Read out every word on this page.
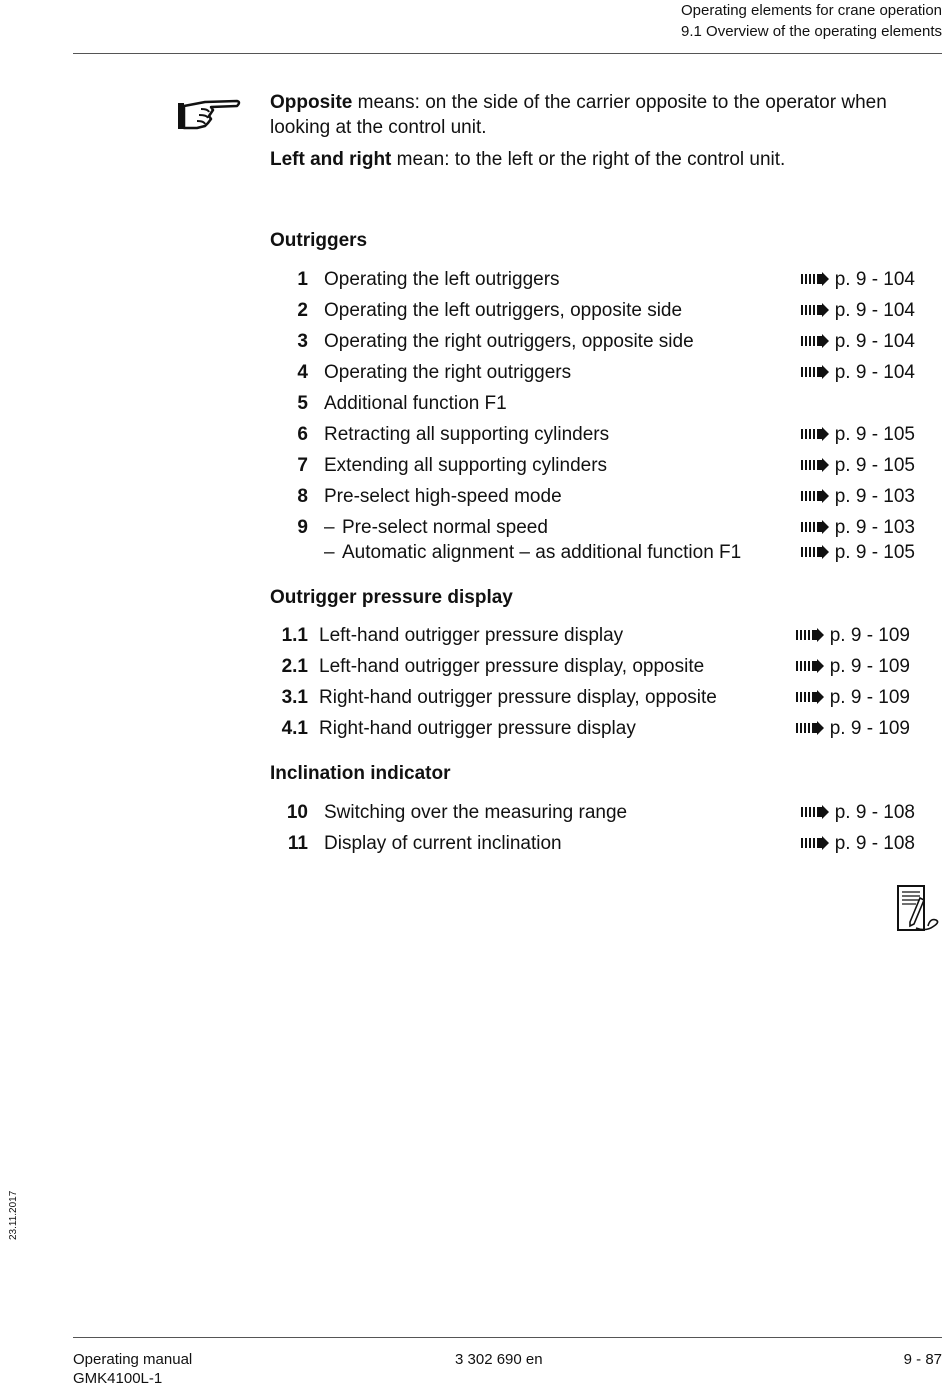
Operating elements for crane operation
9.1 Overview of the operating elements

Opposite means: on the side of the carrier opposite to the operator when looking at the control unit.

Left and right mean: to the left or the right of the control unit.

Outriggers
1 Operating the left outriggers	p. 9 - 104
2 Operating the left outriggers, opposite side	p. 9 - 104
3 Operating the right outriggers, opposite side	p. 9 - 104
4 Operating the right outriggers	p. 9 - 104
5 Additional function F1
6 Retracting all supporting cylinders	p. 9 - 105
7 Extending all supporting cylinders	p. 9 - 105
8 Pre-select high-speed mode	p. 9 - 103
9 – Pre-select normal speed	p. 9 - 103
– Automatic alignment – as additional function F1	p. 9 - 105
Outrigger pressure display
1.1 Left-hand outrigger pressure display	p. 9 - 109
2.1 Left-hand outrigger pressure display, opposite	p. 9 - 109
3.1 Right-hand outrigger pressure display, opposite	p. 9 - 109
4.1 Right-hand outrigger pressure display	p. 9 - 109
Inclination indicator
10 Switching over the measuring range	p. 9 - 108
11 Display of current inclination	p. 9 - 108
23.11.2017
Operating manual
GMK4100L-1
3 302 690 en	9 - 87
